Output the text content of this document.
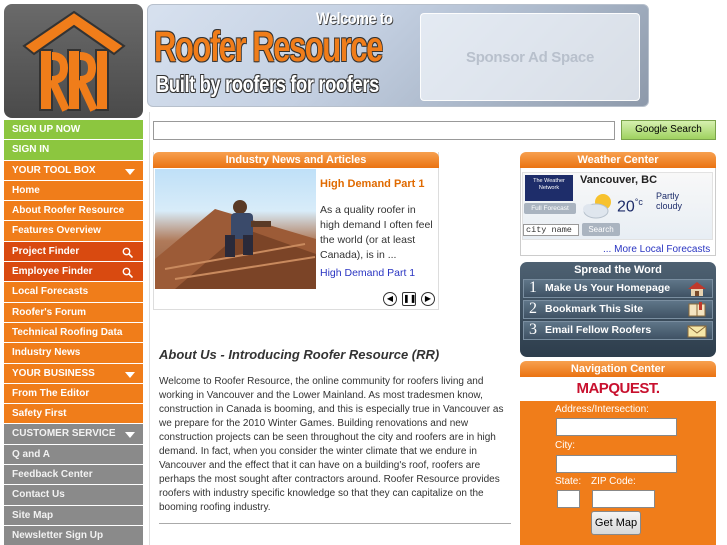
SIGN UP NOW
SIGN IN
YOUR TOOL BOX
Home
About Roofer Resource
Features Overview
Project Finder
Employee Finder
Local Forecasts
Roofer's Forum
Technical Roofing Data
Industry News
YOUR BUSINESS
From The Editor
Safety First
CUSTOMER SERVICE
Q and A
Feedback Center
Contact Us
Site Map
Newsletter Sign Up
Welcome to
Roofer Resource
Built by roofers for roofers
Sponsor Ad Space
Google Search
Industry News and Articles
High Demand Part 1
As a quality roofer in high demand I often feel the world (or at least Canada), is in ...
High Demand Part 1
◀	❚❚	▶
About Us - Introducing Roofer Resource (RR)
Welcome to Roofer Resource, the online community for roofers living and working in Vancouver and the Lower Mainland. As most tradesmen know, construction in Canada is booming, and this is especially true in Vancouver as we prepare for the 2010 Winter Games. Building renovations and new construction projects can be seen throughout the city and roofers are in high demand. In fact, when you consider the winter climate that we endure in Vancouver and the effect that it can have on a building's roof, roofers are perhaps the most sought after contractors around. Roofer Resource provides roofers with industry specific knowledge so that they can capitalize on the booming roofing industry.
Weather Center
The Weather Network
Full Forecast
Vancouver, BC
$20^{^\circ c}$
Partly cloudy
city name	Search
... More Local Forecasts
Spread the Word
1 Make Us Your Homepage
2 Bookmark This Site
3 Email Fellow Roofers
Navigation Center
MAPQUEST.
Address/Intersection:
City:
State: ZIP Code:
Get Map
